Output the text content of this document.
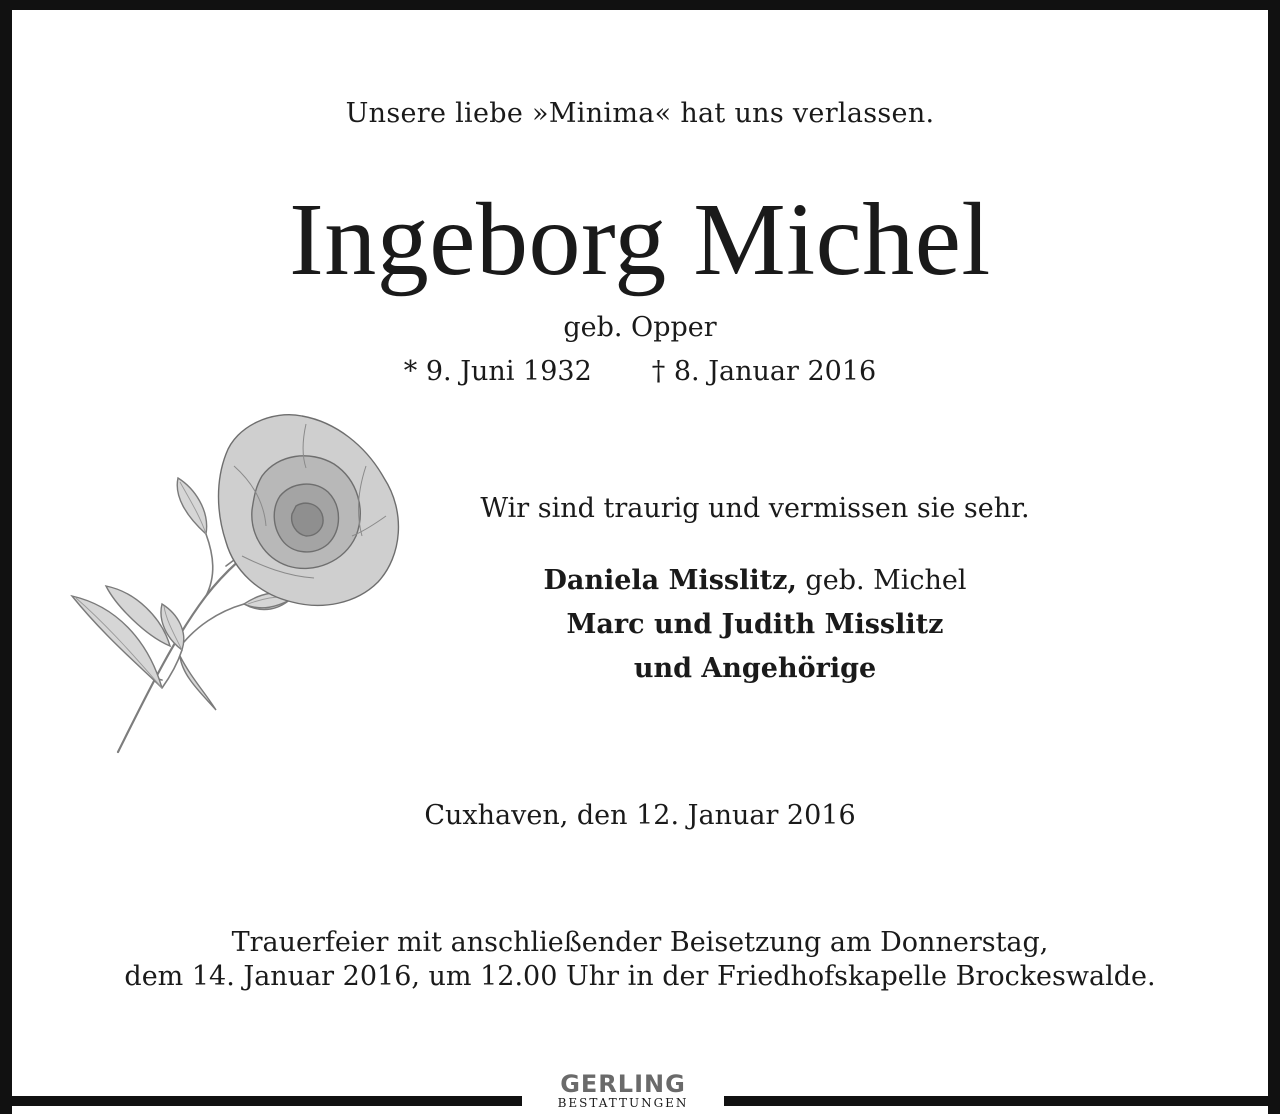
Unsere liebe »Minima« hat uns verlassen.
Ingeborg Michel
geb. Opper
* 9. Juni 1932 † 8. Januar 2016
Wir sind traurig und vermissen sie sehr.
Daniela Misslitz, geb. Michel
Marc und Judith Misslitz
und Angehörige
Cuxhaven, den 12. Januar 2016
Trauerfeier mit anschließender Beisetzung am Donnerstag,
dem 14. Januar 2016, um 12.00 Uhr in der Friedhofskapelle Brockeswalde.
GERLING
BESTATTUNGEN
